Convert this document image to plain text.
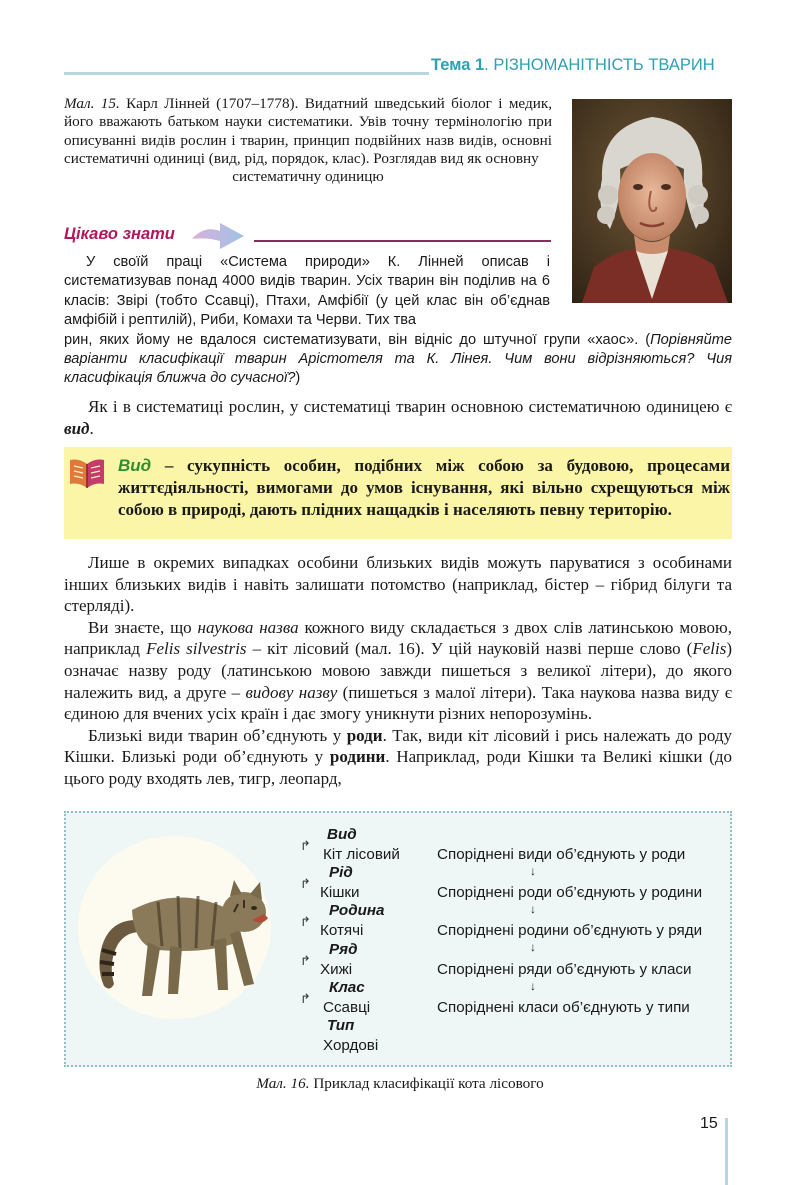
Тема 1. РІЗНОМАНІТНІСТЬ ТВАРИН
Мал. 15. Карл Лінней (1707–1778). Видатний шведський біолог і медик, його вважають батьком науки систематики. Увів точну термінологію при описуванні видів рослин і тварин, принцип подвійних назв видів, основні систематичні одиниці (вид, рід, порядок, клас). Розглядав вид як основну
систематичну одиницю
Цікаво знати
У своїй праці «Система природи» К. Лінней описав і систематизував понад 4000 видів тварин. Усіх тварин він поділив на 6 класів: Звірі (тобто Ссавці), Птахи, Амфібії (у цей клас він об’єднав амфібій і рептилій), Риби, Комахи та Черви. Тих тва
рин, яких йому не вдалося систематизувати, він відніс до штучної групи «хаос». (Порівняйте варіанти класифікації тварин Арістотеля та К. Лінея. Чим вони відрізняються? Чия класифікація ближча до сучасної?)
Як і в систематиці рослин, у систематиці тварин основною систематичною одиницею є вид.
Вид – сукупність особин, подібних між собою за будовою, процесами життєдіяльності, вимогами до умов існування, які вільно схрещуються між собою в природі, дають плідних нащадків і населяють певну територію.

Лише в окремих випадках особини близьких видів можуть паруватися з особинами інших близьких видів і навіть залишати потомство (наприклад, бістер – гібрид білуги та стерляді).

Ви знаєте, що наукова назва кожного виду складається з двох слів латинською мовою, наприклад Felis silvestris – кіт лісовий (мал. 16). У цій науковій назві перше слово (Felis) означає назву роду (латинською мовою завжди пишеться з великої літери), до якого належить вид, а друге – видову назву (пишеться з малої літери). Така наукова назва виду є єдиною для вчених усіх країн і дає змогу уникнути різних непорозумінь.

Близькі види тварин об’єднують у роди. Так, види кіт лісовий і рись належать до роду Кішки. Близькі роди об’єднують у родини. Наприклад, роди Кішки та Великі кішки (до цього роду входять лев, тигр, леопард,

Вид
Кіт лісовий
↱
Споріднені види об’єднують у роди
↓
Рід
Кішки
↱
Споріднені роди об’єднують у родини
↓
Родина
Котячі
↱
Споріднені родини об’єднують у ряди
↓
Ряд
Хижі
↱
Споріднені ряди об’єднують у класи
↓
Клас
Ссавці
↱
Споріднені класи об’єднують у типи
Тип
Хордові
Мал. 16. Приклад класифікації кота лісового
15
